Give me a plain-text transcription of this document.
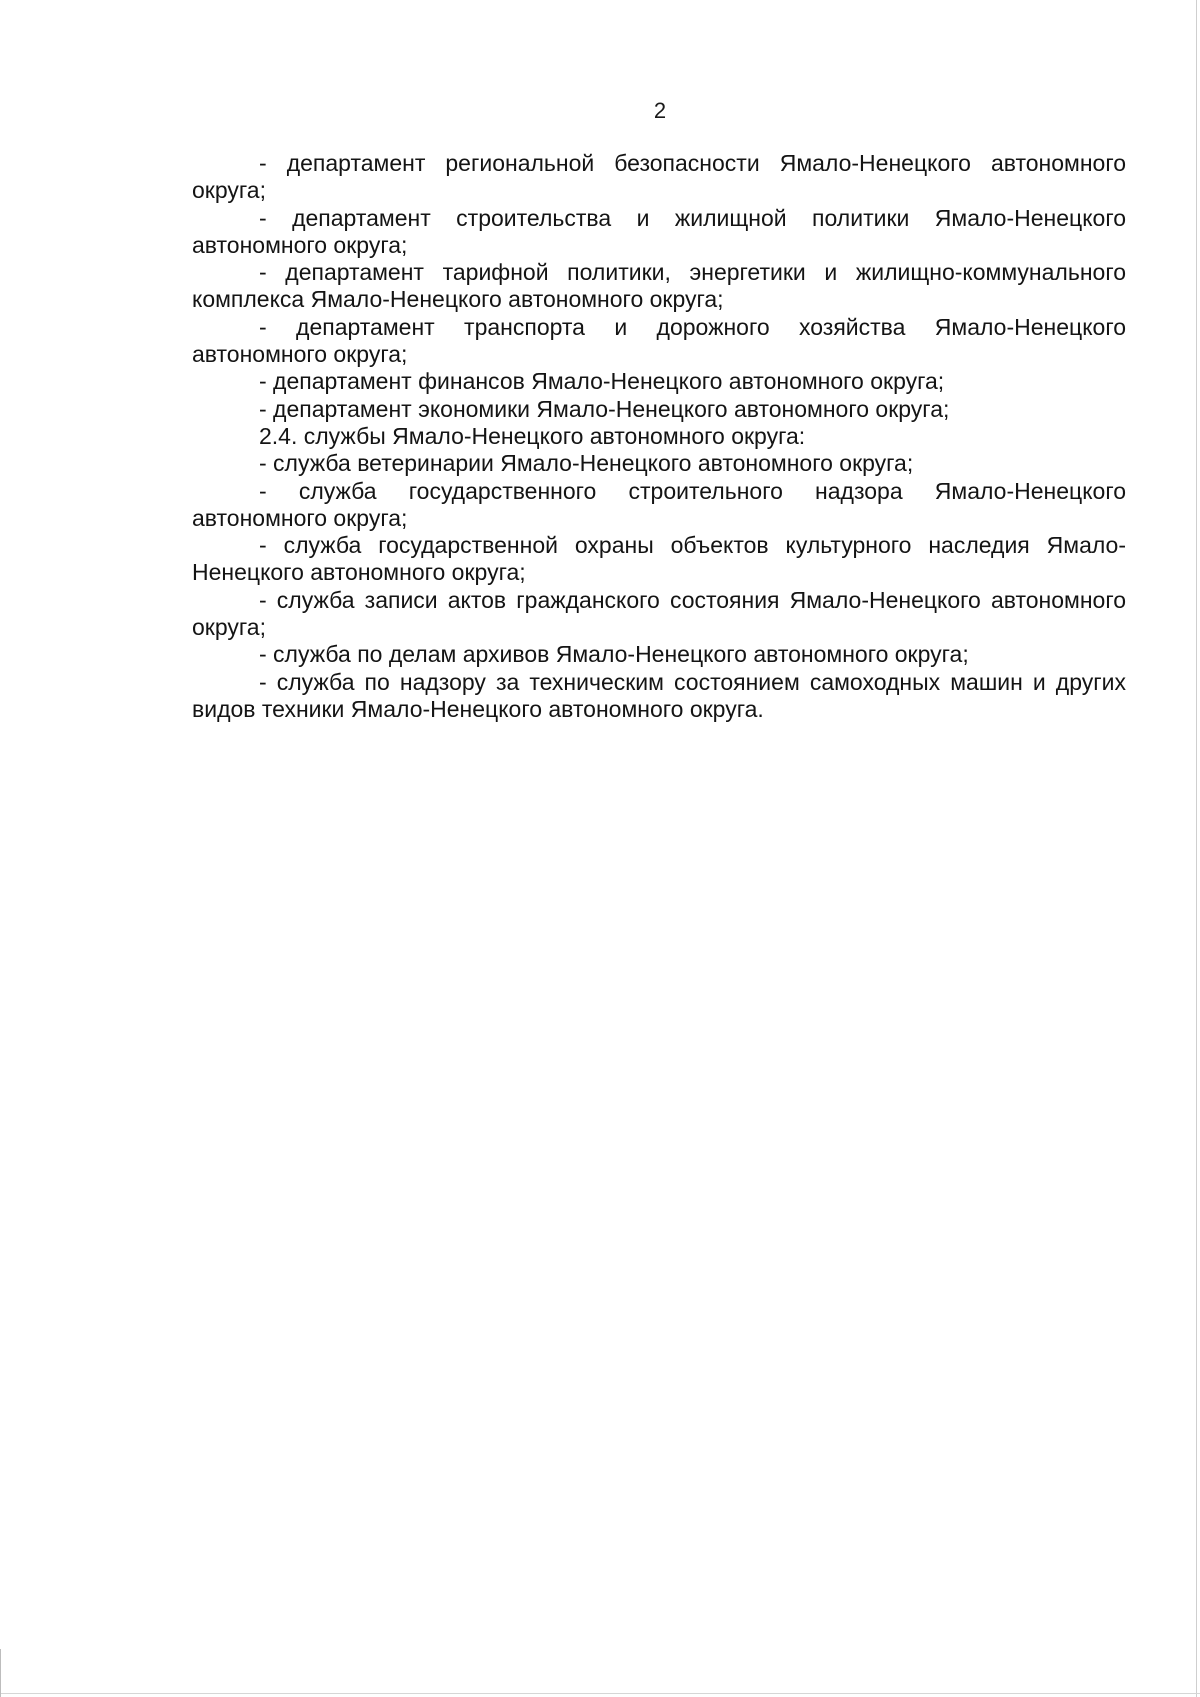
2

- департамент региональной безопасности Ямало-Ненецкого автономного округа;

- департамент строительства и жилищной политики Ямало-Ненецкого автономного округа;

- департамент тарифной политики, энергетики и жилищно-коммунального комплекса Ямало-Ненецкого автономного округа;

- департамент транспорта и дорожного хозяйства Ямало-Ненецкого автономного округа;

- департамент финансов Ямало-Ненецкого автономного округа;

- департамент экономики Ямало-Ненецкого автономного округа;

2.4. службы Ямало-Ненецкого автономного округа:

- служба ветеринарии Ямало-Ненецкого автономного округа;

- служба государственного строительного надзора Ямало-Ненецкого автономного округа;

- служба государственной охраны объектов культурного наследия Ямало-Ненецкого автономного округа;

- служба записи актов гражданского состояния Ямало-Ненецкого автономного округа;

- служба по делам архивов Ямало-Ненецкого автономного округа;

- служба по надзору за техническим состоянием самоходных машин и других видов техники Ямало-Ненецкого автономного округа.
